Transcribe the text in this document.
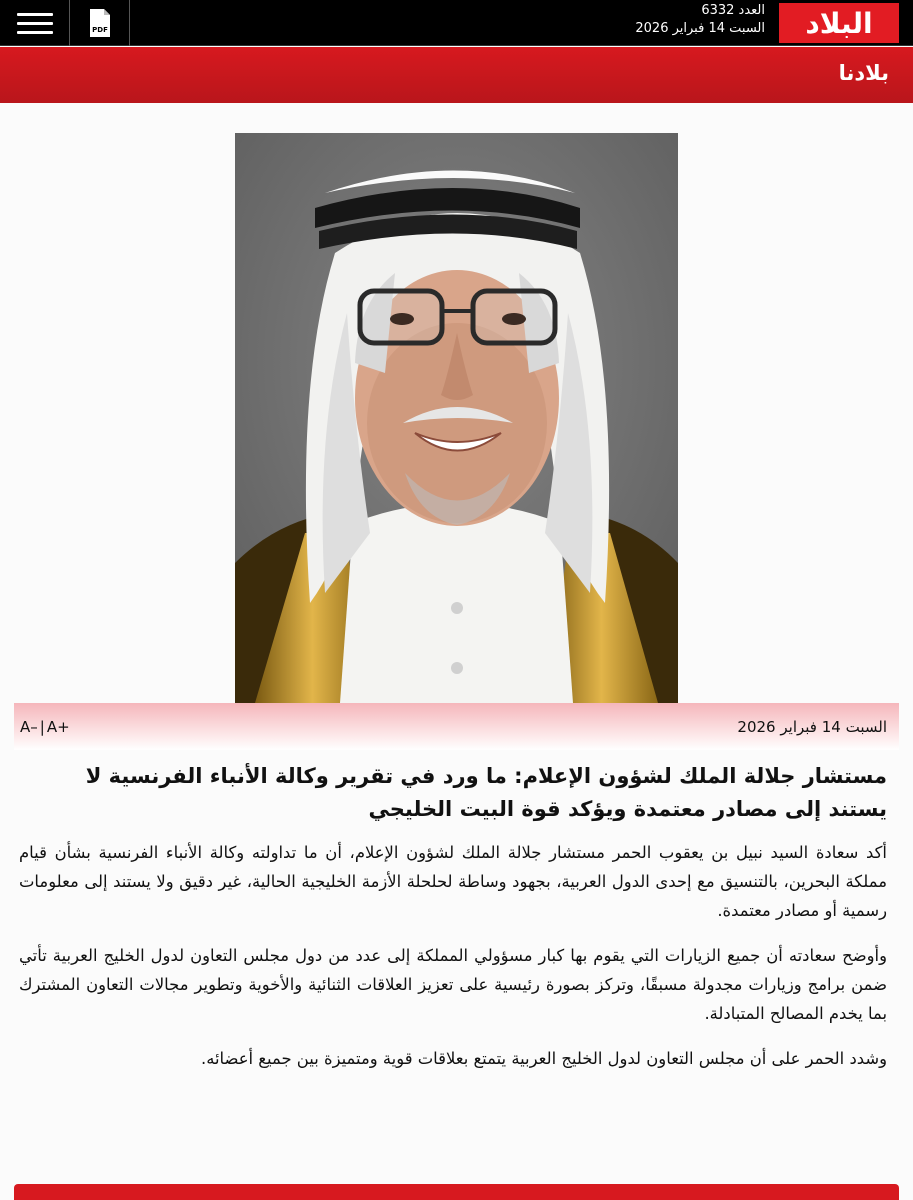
PDF
العدد 6332
السبت 14 فبراير 2026 البلاد
بلادنا
السبت 14 فبراير 2026
A– | A+
مستشار جلالة الملك لشؤون الإعلام: ما ورد في تقرير وكالة الأنباء الفرنسية لا يستند إلى مصادر معتمدة ويؤكد قوة البيت الخليجي

أكد سعادة السيد نبيل بن يعقوب الحمر مستشار جلالة الملك لشؤون الإعلام، أن ما تداولته وكالة الأنباء الفرنسية بشأن قيام مملكة البحرين، بالتنسيق مع إحدى الدول العربية، بجهود وساطة لحلحلة الأزمة الخليجية الحالية، غير دقيق ولا يستند إلى معلومات رسمية أو مصادر معتمدة.

وأوضح سعادته أن جميع الزيارات التي يقوم بها كبار مسؤولي المملكة إلى عدد من دول مجلس التعاون لدول الخليج العربية تأتي ضمن برامج وزيارات مجدولة مسبقًا، وتركز بصورة رئيسية على تعزيز العلاقات الثنائية والأخوية وتطوير مجالات التعاون المشترك بما يخدم المصالح المتبادلة.

وشدد الحمر على أن مجلس التعاون لدول الخليج العربية يتمتع بعلاقات قوية ومتميزة بين جميع أعضائه.
